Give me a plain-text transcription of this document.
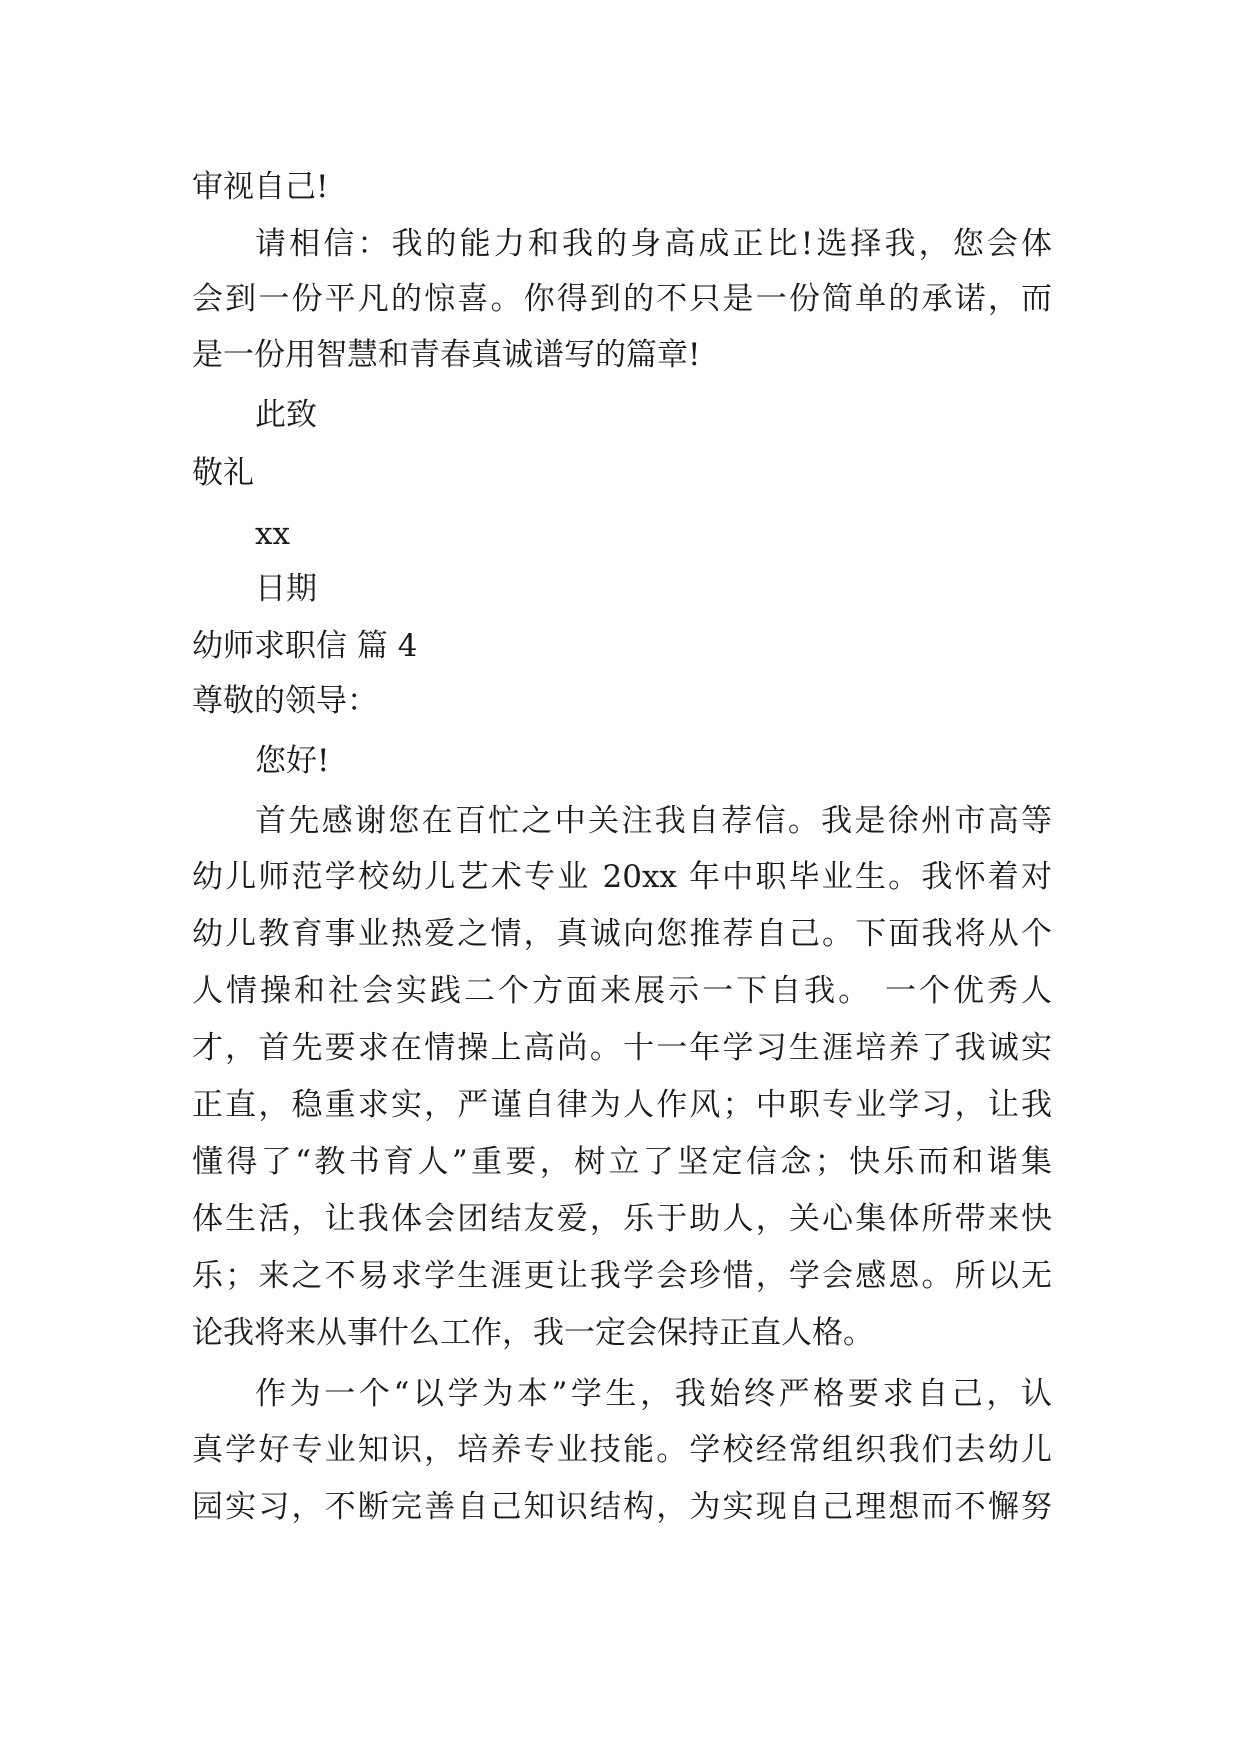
审视自己!
请相信：我的能力和我的身高成正比!选择我，您会体
会到一份平凡的惊喜。你得到的不只是一份简单的承诺，而
是一份用智慧和青春真诚谱写的篇章!
此致
敬礼
xx
日期
幼师求职信 篇 4
尊敬的领导：
您好!
首先感谢您在百忙之中关注我自荐信。我是徐州市高等
幼儿师范学校幼儿艺术专业 20xx 年中职毕业生。我怀着对
幼儿教育事业热爱之情，真诚向您推荐自己。下面我将从个
人情操和社会实践二个方面来展示一下自我。 一个优秀人
才，首先要求在情操上高尚。十一年学习生涯培养了我诚实
正直，稳重求实，严谨自律为人作风；中职专业学习，让我
懂得了“教书育人”重要，树立了坚定信念；快乐而和谐集
体生活，让我体会团结友爱，乐于助人，关心集体所带来快
乐；来之不易求学生涯更让我学会珍惜，学会感恩。所以无
论我将来从事什么工作，我一定会保持正直人格。
作为一个“以学为本”学生，我始终严格要求自己，认
真学好专业知识，培养专业技能。学校经常组织我们去幼儿
园实习，不断完善自己知识结构，为实现自己理想而不懈努
